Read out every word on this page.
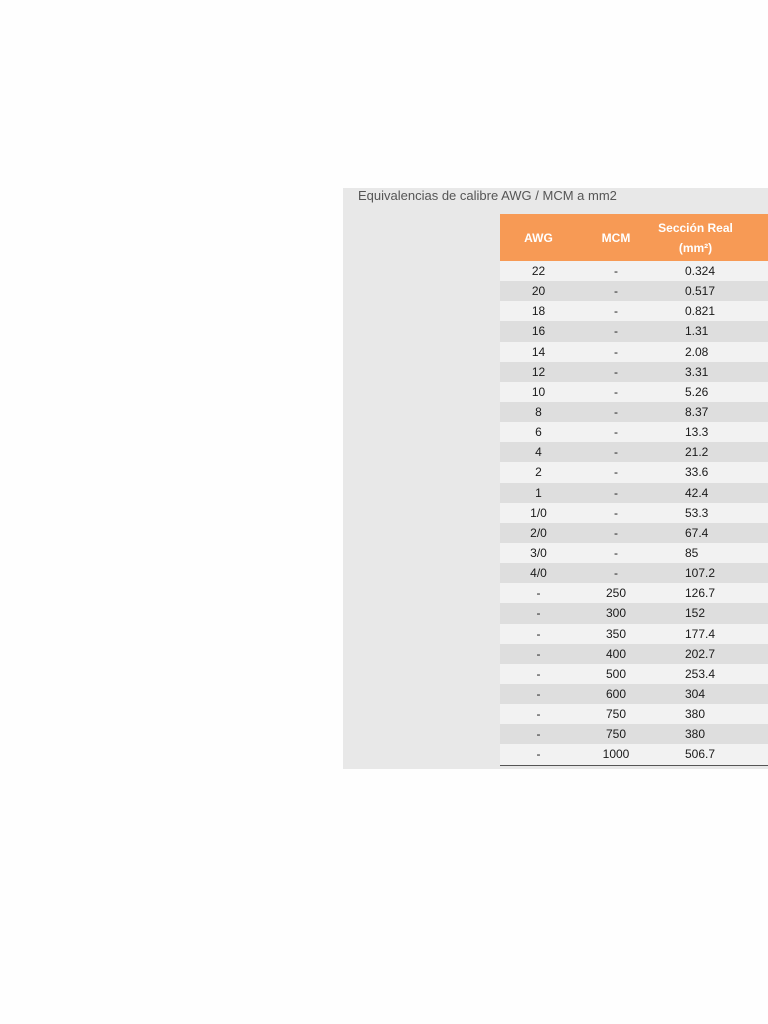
Equivalencias de calibre AWG / MCM a mm2
AWG	MCM	Sección Real
(mm²)

22	-	0.324
20	-	0.517
18	-	0.821
16	-	1.31
14	-	2.08
12	-	3.31
10	-	5.26
8	-	8.37
6	-	13.3
4	-	21.2
2	-	33.6
1	-	42.4
1/0	-	53.3
2/0	-	67.4
3/0	-	85
4/0	-	107.2
-	250	126.7
-	300	152
-	350	177.4
-	400	202.7
-	500	253.4
-	600	304
-	750	380
-	750	380
-	1000	506.7
